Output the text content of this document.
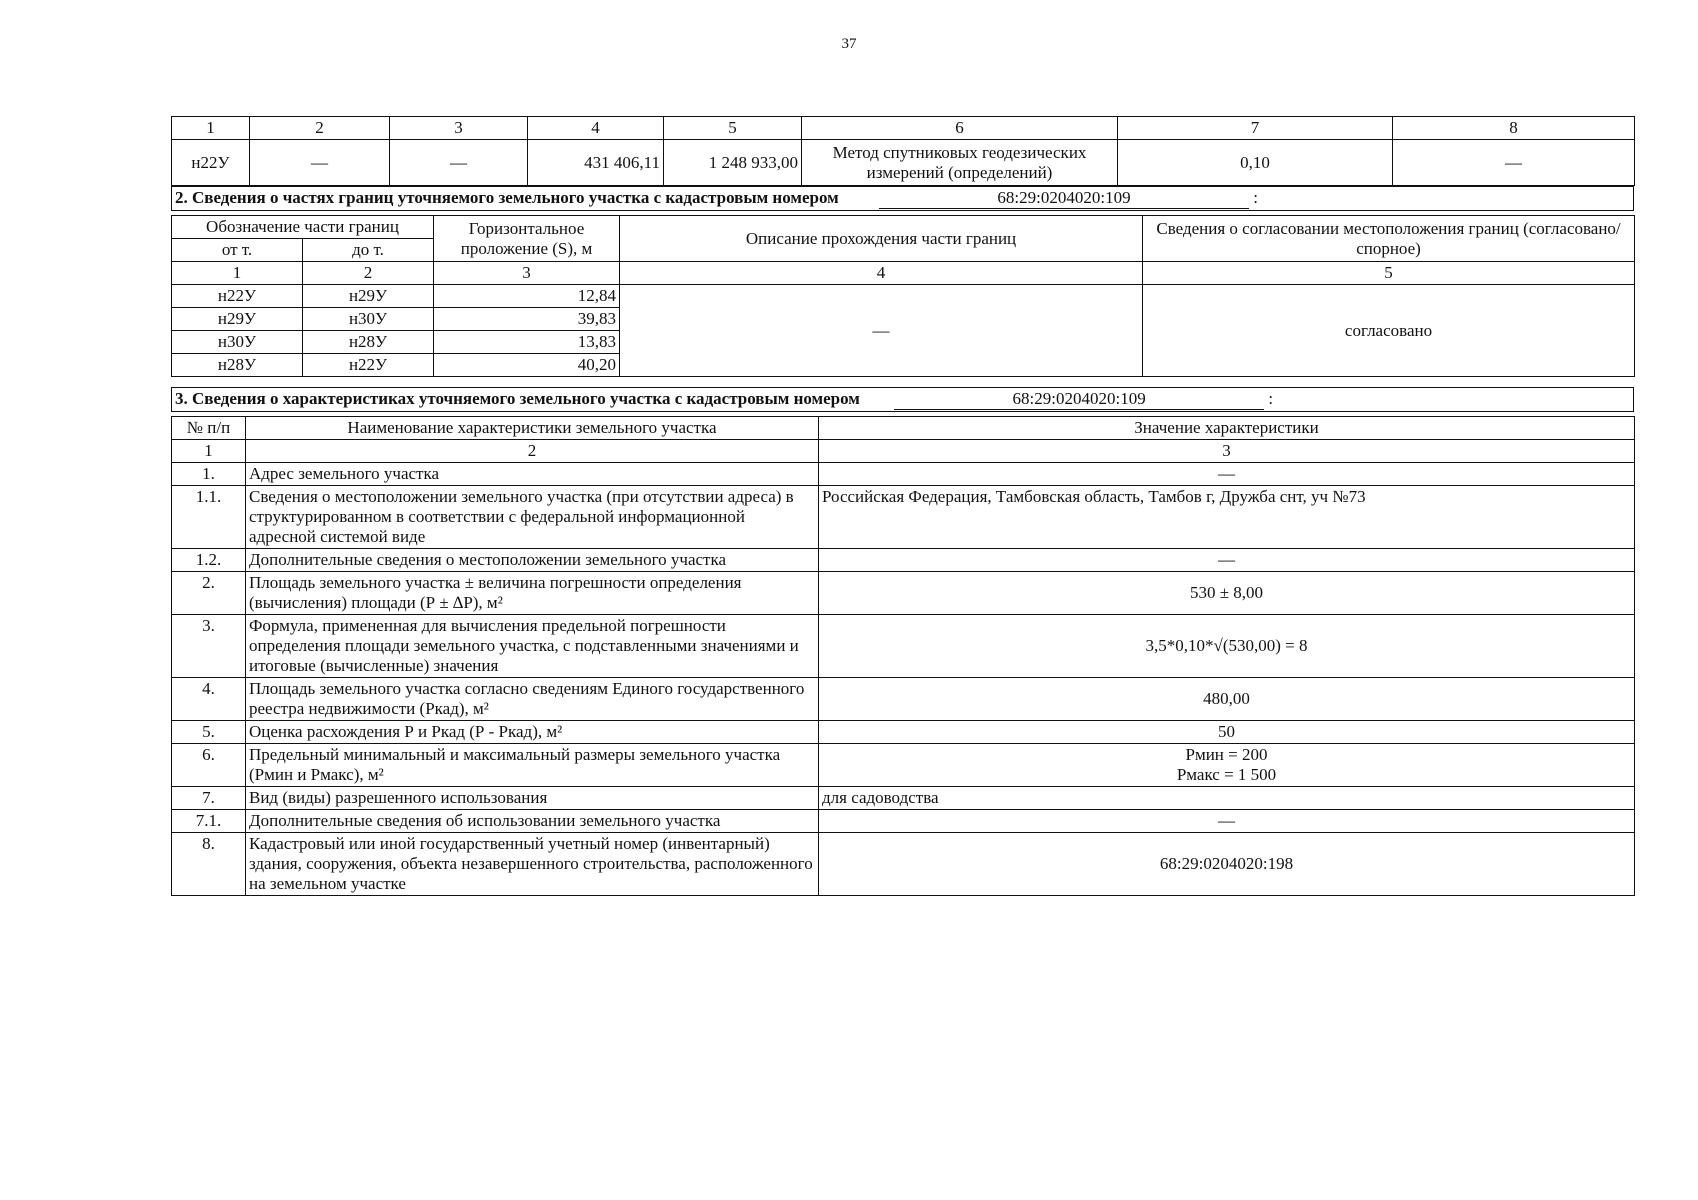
37
1	2	3	4	5	6	7	8
н22У	—	—	431 406,11	1 248 933,00	Метод спутниковых геодезических измерений (определений)	0,10	—
2. Сведения о частях границ уточняемого земельного участка с кадастровым номером	68:29:0204020:109	:
Обозначение части границ		Горизонтальное проложение (S), м	Описание прохождения части границ	Сведения о согласовании местоположения границ (согласовано/спорное)
от т.	до т.			
1	2	3	4	5
н22У	н29У	12,84	—	согласовано
н29У	н30У	39,83		
н30У	н28У	13,83		
н28У	н22У	40,20		
3. Сведения о характеристиках уточняемого земельного участка с кадастровым номером	68:29:0204020:109	:
№ п/п	Наименование характеристики земельного участка	Значение характеристики
1	2	3
1.	Адрес земельного участка	—
1.1.	Сведения о местоположении земельного участка (при отсутствии адреса) в структурированном в соответствии с федеральной информационной адресной системой виде	Российская Федерация, Тамбовская область, Тамбов г, Дружба снт, уч №73
1.2.	Дополнительные сведения о местоположении земельного участка	—
2.	Площадь земельного участка ± величина погрешности определения (вычисления) площади (Р ± ∆Р), м²	530 ± 8,00
3.	Формула, примененная для вычисления предельной погрешности определения площади земельного участка, с подставленными значениями и итоговые (вычисленные) значения	3,5*0,10*√(530,00) = 8
4.	Площадь земельного участка согласно сведениям Единого государственного реестра недвижимости (Ркад), м²	480,00
5.	Оценка расхождения Р и Ркад (Р - Ркад), м²	50
6.	Предельный минимальный и максимальный размеры земельного участка (Рмин и Рмакс), м²	Рмин = 200
Рмакс = 1 500

7.	Вид (виды) разрешенного использования	для садоводства
7.1.	Дополнительные сведения об использовании земельного участка	—
8.	Кадастровый или иной государственный учетный номер (инвентарный) здания, сооружения, объекта незавершенного строительства, расположенного на земельном участке	68:29:0204020:198
